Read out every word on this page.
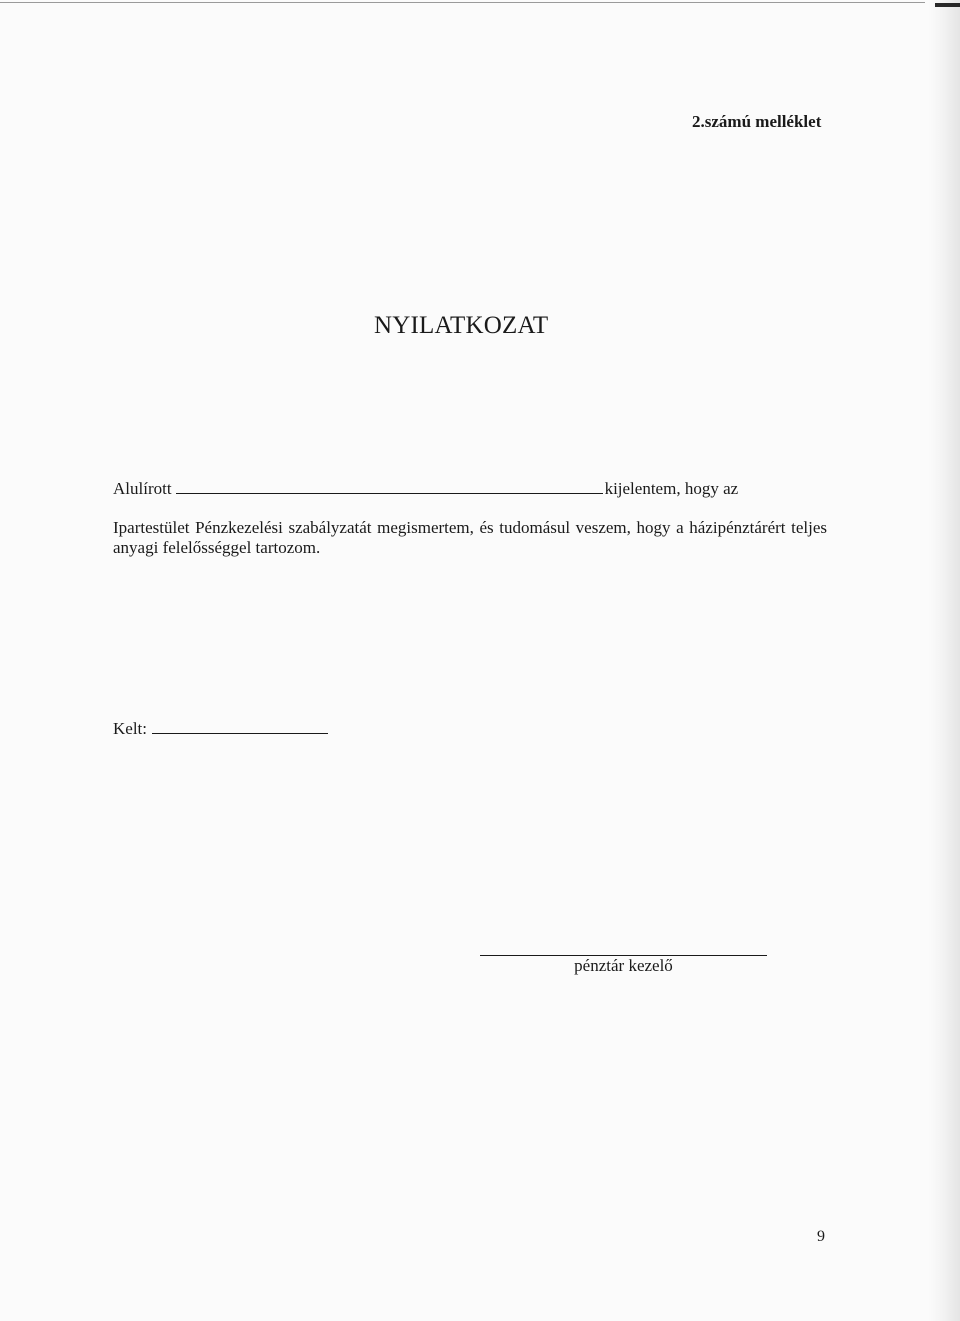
2.számú melléklet
NYILATKOZAT
Alulírott	kijelentem, hogy az
Ipartestület Pénzkezelési szabályzatát megismertem, és tudomásul veszem, hogy a házipénztárért teljes anyagi felelősséggel tartozom.
Kelt:
pénztár kezelő
9
